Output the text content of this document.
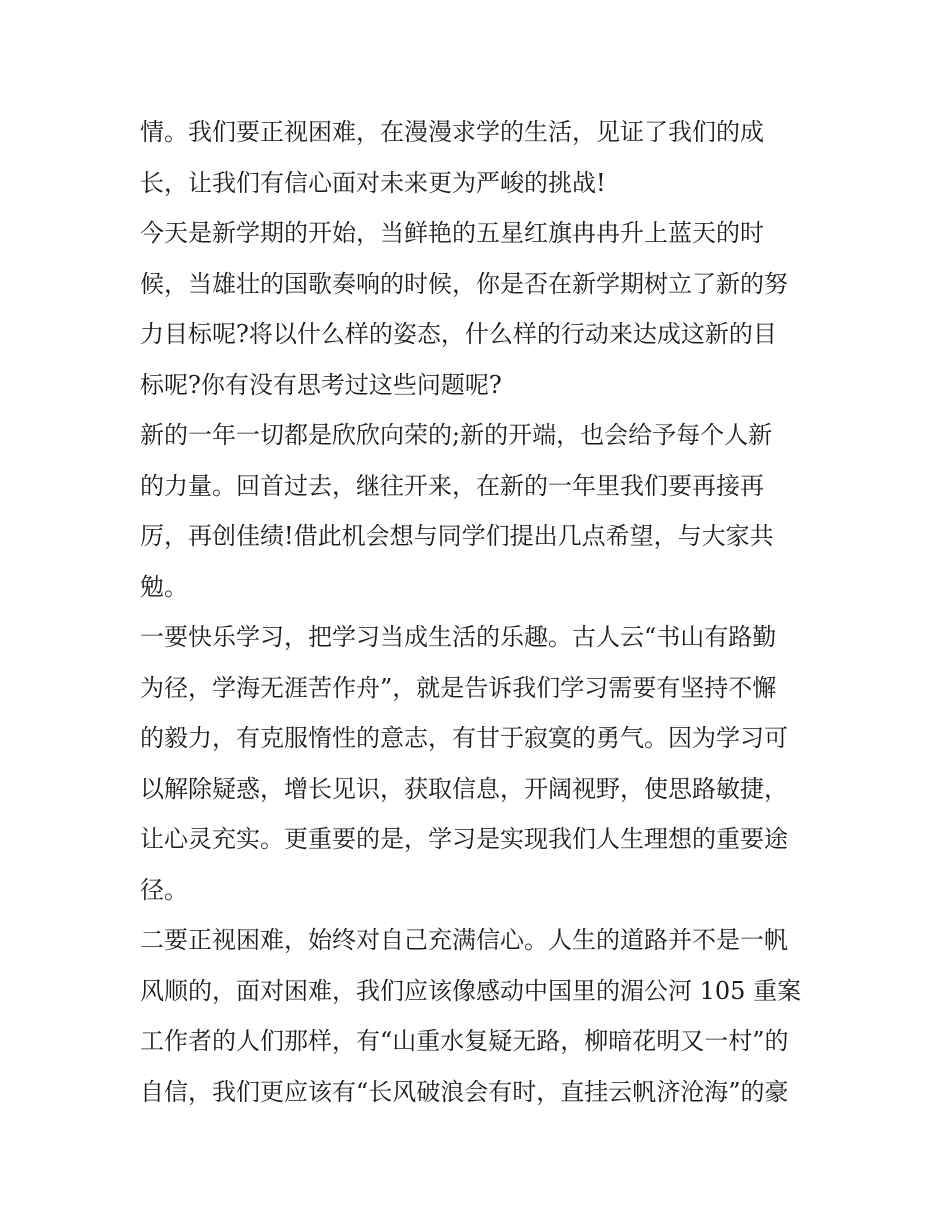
情。我们要正视困难，在漫漫求学的生活，见证了我们的成
长，让我们有信心面对未来更为严峻的挑战!
今天是新学期的开始，当鲜艳的五星红旗冉冉升上蓝天的时
候，当雄壮的国歌奏响的时候，你是否在新学期树立了新的努
力目标呢?将以什么样的姿态，什么样的行动来达成这新的目
标呢?你有没有思考过这些问题呢?
新的一年一切都是欣欣向荣的;新的开端，也会给予每个人新
的力量。回首过去，继往开来，在新的一年里我们要再接再
厉，再创佳绩!借此机会想与同学们提出几点希望，与大家共
勉。
一要快乐学习，把学习当成生活的乐趣。古人云“书山有路勤
为径，学海无涯苦作舟”，就是告诉我们学习需要有坚持不懈
的毅力，有克服惰性的意志，有甘于寂寞的勇气。因为学习可
以解除疑惑，增长见识，获取信息，开阔视野，使思路敏捷，
让心灵充实。更重要的是，学习是实现我们人生理想的重要途
径。
二要正视困难，始终对自己充满信心。人生的道路并不是一帆
风顺的，面对困难，我们应该像感动中国里的湄公河 105 重案
工作者的人们那样，有“山重水复疑无路，柳暗花明又一村”的
自信，我们更应该有“长风破浪会有时，直挂云帆济沧海”的豪
